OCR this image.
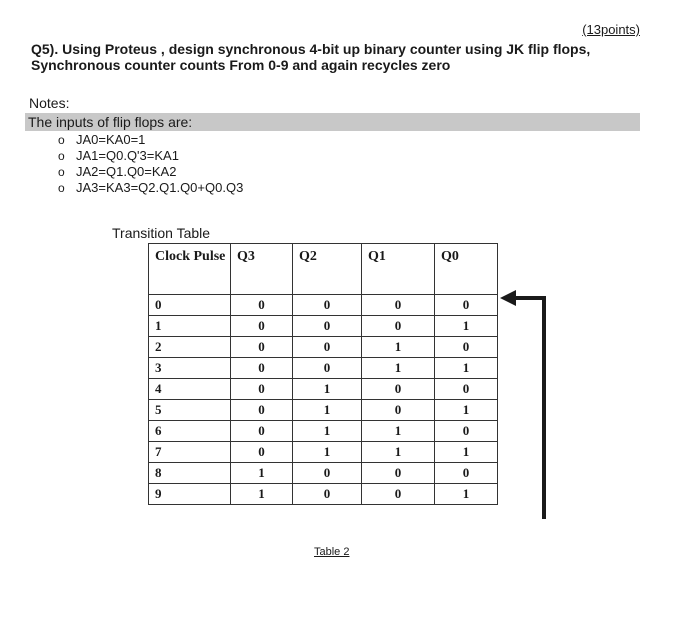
(13points)
Q5). Using Proteus , design synchronous 4-bit up binary counter using JK flip flops,
Synchronous counter counts From 0-9 and again recycles zero
Notes:
The inputs of flip flops are:
o JA0=KA0=1
o JA1=Q0.Q'3=KA1
o JA2=Q1.Q0=KA2
o JA3=KA3=Q2.Q1.Q0+Q0.Q3
Transition Table
Clock Pulse	Q3	Q2	Q1	Q0
0	0	0	0	0
1	0	0	0	1
2	0	0	1	0
3	0	0	1	1
4	0	1	0	0
5	0	1	0	1
6	0	1	1	0
7	0	1	1	1
8	1	0	0	0
9	1	0	0	1
Table 2
